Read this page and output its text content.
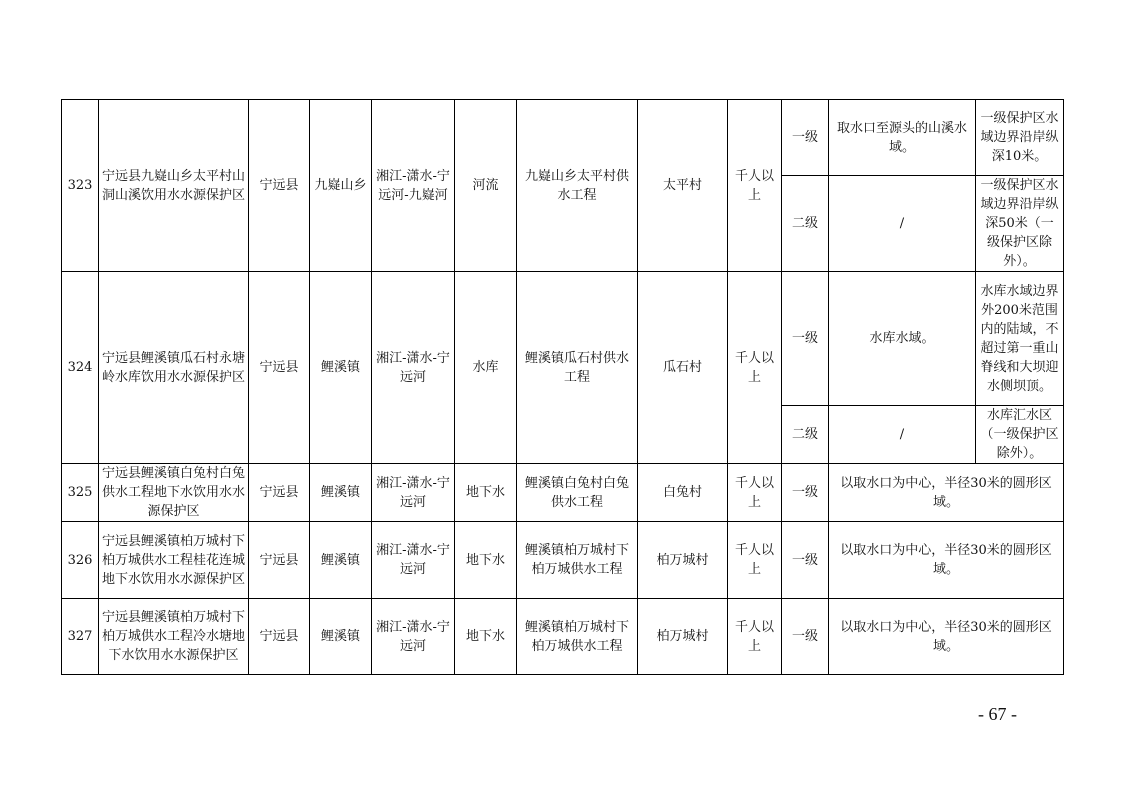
323	宁远县九嶷山乡太平村山洞山溪饮用水水源保护区	宁远县	九嶷山乡	湘江-潇水-宁远河-九嶷河	河流	九嶷山乡太平村供水工程	太平村	千人以上	一级	取水口至源头的山溪水域。	一级保护区水域边界沿岸纵深10米。
									二级	/	一级保护区水域边界沿岸纵深50米（一级保护区除外）。
324	宁远县鲤溪镇瓜石村永塘岭水库饮用水水源保护区	宁远县	鲤溪镇	湘江-潇水-宁远河	水库	鲤溪镇瓜石村供水工程	瓜石村	千人以上	一级	水库水域。	水库水域边界外200米范围内的陆域，不超过第一重山脊线和大坝迎水侧坝顶。
									二级	/	水库汇水区（一级保护区除外）。
325	宁远县鲤溪镇白兔村白兔供水工程地下水饮用水水源保护区	宁远县	鲤溪镇	湘江-潇水-宁远河	地下水	鲤溪镇白兔村白兔供水工程	白兔村	千人以上	一级	以取水口为中心，半径30米的圆形区域。	
326	宁远县鲤溪镇柏万城村下柏万城供水工程桂花连城地下水饮用水水源保护区	宁远县	鲤溪镇	湘江-潇水-宁远河	地下水	鲤溪镇柏万城村下柏万城供水工程	柏万城村	千人以上	一级	以取水口为中心，半径30米的圆形区域。	
327	宁远县鲤溪镇柏万城村下柏万城供水工程冷水塘地下水饮用水水源保护区	宁远县	鲤溪镇	湘江-潇水-宁远河	地下水	鲤溪镇柏万城村下柏万城供水工程	柏万城村	千人以上	一级	以取水口为中心，半径30米的圆形区域。	
- 67 -
